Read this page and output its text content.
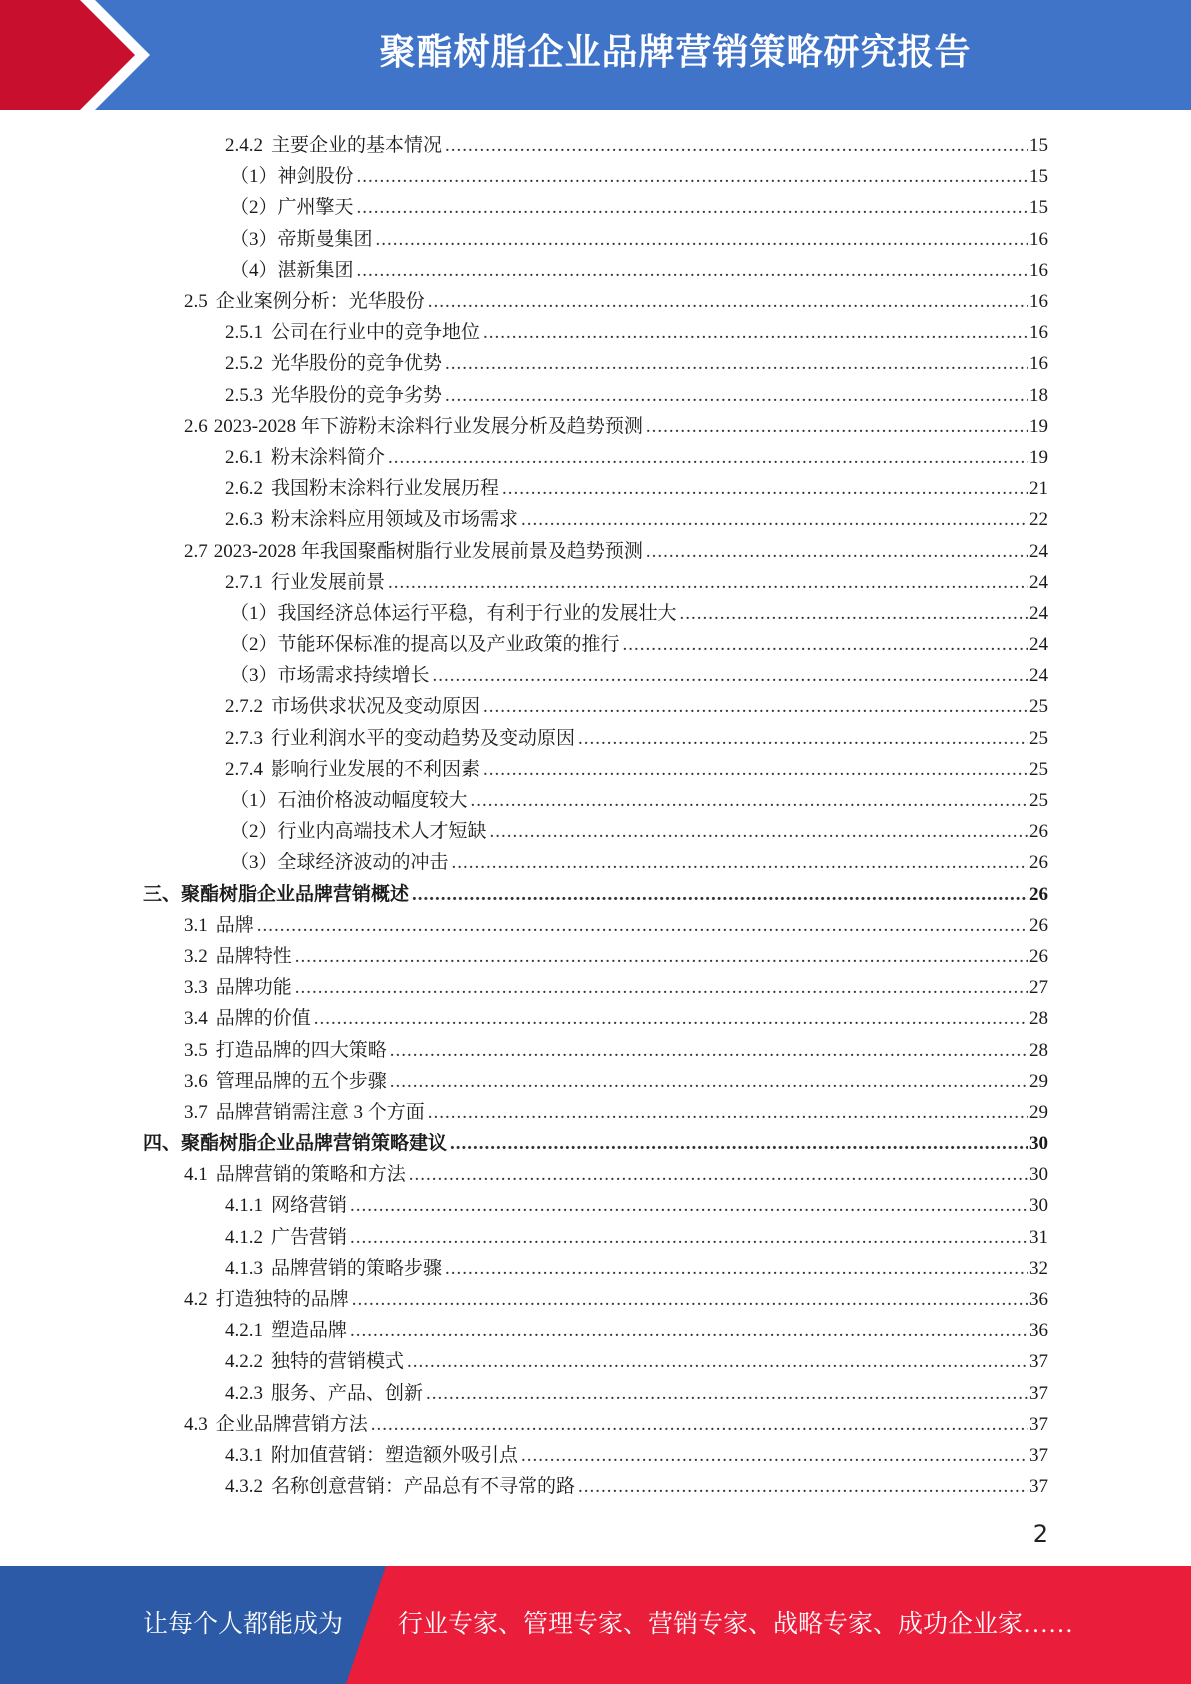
聚酯树脂企业品牌营销策略研究报告
2.4.2 主要企业的基本情况 .....	15
（1）神剑股份 .....	15
（2）广州擎天 .....	15
（3）帝斯曼集团 .....	16
（4）湛新集团 .....	16
2.5 企业案例分析：光华股份 .....	16
2.5.1 公司在行业中的竞争地位 .....	16
2.5.2 光华股份的竞争优势 .....	16
2.5.3 光华股份的竞争劣势 .....	18
2.6 2023-2028 年下游粉末涂料行业发展分析及趋势预测 .....	19
2.6.1 粉末涂料简介 .....	19
2.6.2 我国粉末涂料行业发展历程 .....	21
2.6.3 粉末涂料应用领域及市场需求 .....	22
2.7 2023-2028 年我国聚酯树脂行业发展前景及趋势预测 .....	24
2.7.1 行业发展前景 .....	24
（1）我国经济总体运行平稳，有利于行业的发展壮大 .....	24
（2）节能环保标准的提高以及产业政策的推行 .....	24
（3）市场需求持续增长 .....	24
2.7.2 市场供求状况及变动原因 .....	25
2.7.3 行业利润水平的变动趋势及变动原因 .....	25
2.7.4 影响行业发展的不利因素 .....	25
（1）石油价格波动幅度较大 .....	25
（2）行业内高端技术人才短缺 .....	26
（3）全球经济波动的冲击 .....	26
三、聚酯树脂企业品牌营销概述 .....	26
3.1 品牌 .....	26
3.2 品牌特性 .....	26
3.3 品牌功能 .....	27
3.4 品牌的价值 .....	28
3.5 打造品牌的四大策略 .....	28
3.6 管理品牌的五个步骤 .....	29
3.7 品牌营销需注意 3 个方面 .....	29
四、聚酯树脂企业品牌营销策略建议 .....	30
4.1 品牌营销的策略和方法 .....	30
4.1.1 网络营销 .....	30
4.1.2 广告营销 .....	31
4.1.3 品牌营销的策略步骤 .....	32
4.2 打造独特的品牌 .....	36
4.2.1 塑造品牌 .....	36
4.2.2 独特的营销模式 .....	37
4.2.3 服务、产品、创新 .....	37
4.3 企业品牌营销方法 .....	37
4.3.1 附加值营销：塑造额外吸引点 .....	37
4.3.2 名称创意营销：产品总有不寻常的路 .....	37
2
让每个人都能成为 行业专家、管理专家、营销专家、战略专家、成功企业家……
